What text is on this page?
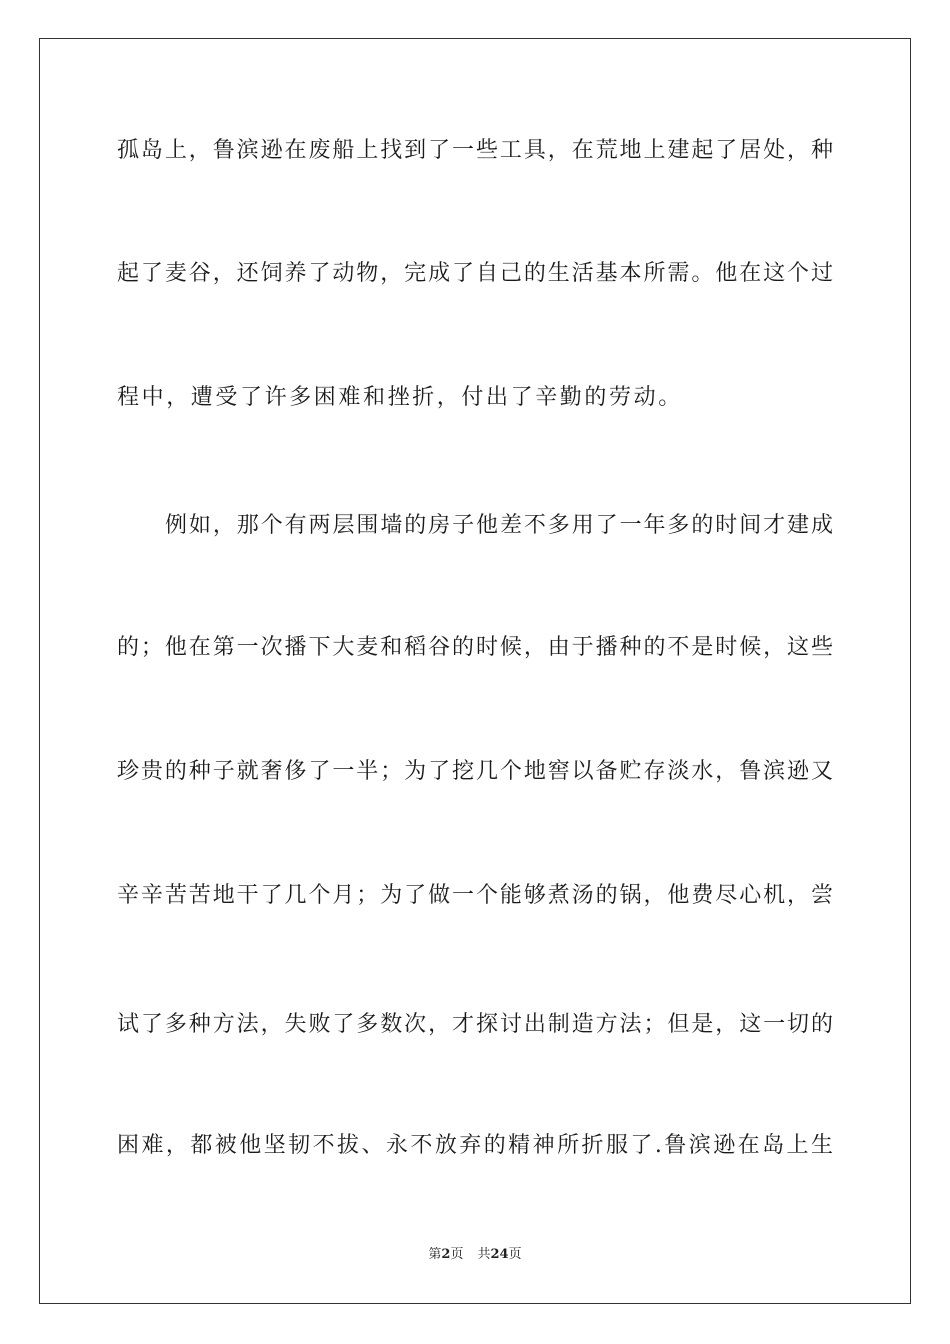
孤岛上，鲁滨逊在废船上找到了一些工具，在荒地上建起了居处，种
起了麦谷，还饲养了动物，完成了自己的生活基本所需。他在这个过
程中，遭受了许多困难和挫折，付出了辛勤的劳动。
例如，那个有两层围墙的房子他差不多用了一年多的时间才建成
的；他在第一次播下大麦和稻谷的时候，由于播种的不是时候，这些
珍贵的种子就奢侈了一半；为了挖几个地窖以备贮存淡水，鲁滨逊又
辛辛苦苦地干了几个月；为了做一个能够煮汤的锅，他费尽心机，尝
试了多种方法，失败了多数次，才探讨出制造方法；但是，这一切的
困难，都被他坚韧不拔、永不放弃的精神所折服了.鲁滨逊在岛上生
第2页 共24页
